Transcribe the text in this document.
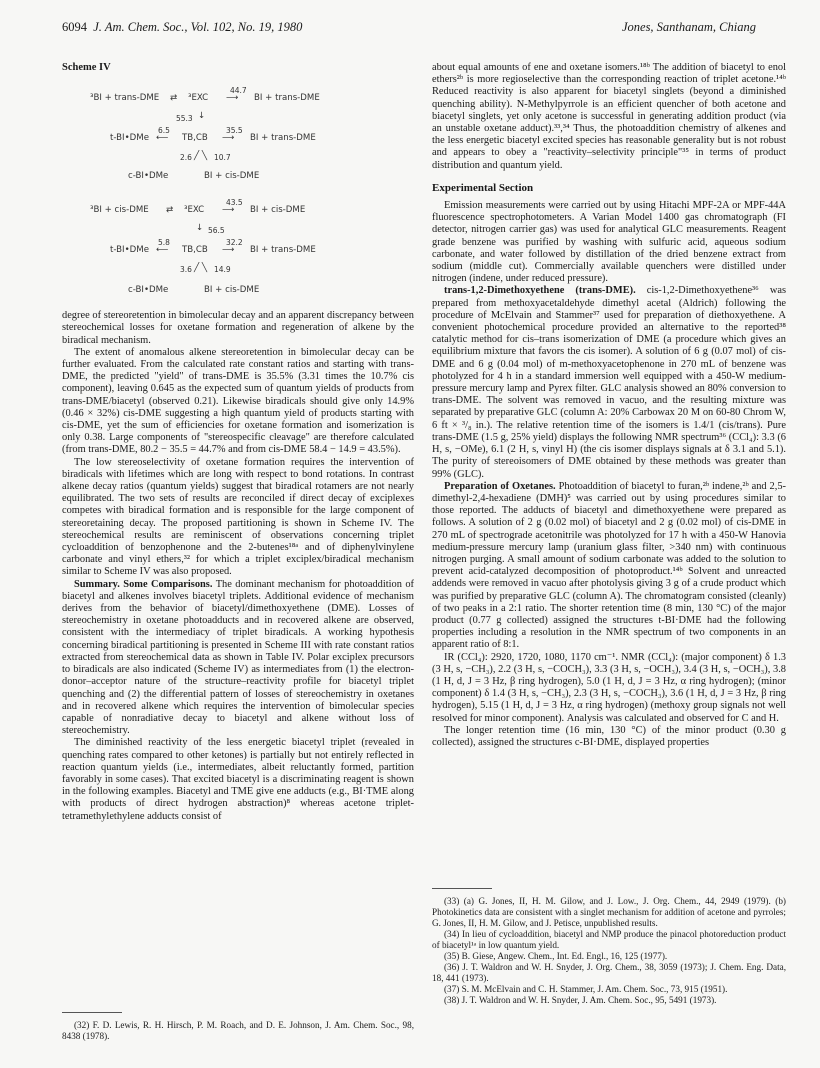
6094 J. Am. Chem. Soc., Vol. 102, No. 19, 1980	Jones, Santhanam, Chiang

Scheme IV

³BI + trans-DME ⇄ ³EXC
44.7
⟶ BI + trans-DME
55.3 ↓
t-BI•DMe
6.5
⟵ TB,CB
35.5
⟶ BI + trans-DME
2.6 ╱ ╲ 10.7
c-BI•DMe	BI + cis-DME
³BI + cis-DME ⇄ ³EXC
43.5
⟶ BI + cis-DME
↓ 56.5
t-BI•DMe
5.8
⟵ TB,CB
32.2
⟶ BI + trans-DME
3.6 ╱ ╲ 14.9
c-BI•DMe	BI + cis-DME

degree of stereoretention in bimolecular decay and an apparent discrepancy between stereochemical losses for oxetane formation and regeneration of alkene by the biradical mechanism.

The extent of anomalous alkene stereoretention in bimolecular decay can be further evaluated. From the calculated rate constant ratios and starting with trans-DME, the predicted "yield" of trans-DME is 35.5% (3.31 times the 10.7% cis component), leaving 0.645 as the expected sum of quantum yields of products from trans-DME/biacetyl (observed 0.21). Likewise biradicals should give only 14.9% (0.46 × 32%) cis-DME suggesting a high quantum yield of products starting with cis-DME, yet the sum of efficiencies for oxetane formation and isomerization is only 0.38. Large components of "stereospecific cleavage" are therefore calculated (from trans-DME, 80.2 − 35.5 = 44.7% and from cis-DME 58.4 − 14.9 = 43.5%).

The low stereoselectivity of oxetane formation requires the intervention of biradicals with lifetimes which are long with respect to bond rotations. In contrast alkene decay ratios (quantum yields) suggest that biradical rotamers are not nearly equilibrated. The two sets of results are reconciled if direct decay of exciplexes competes with biradical formation and is responsible for the large component of stereoretaining decay. The proposed partitioning is shown in Scheme IV. The stereochemical results are reminiscent of observations concerning triplet cycloaddition of benzophenone and the 2-butenes¹⁸ᵃ and of diphenylvinylene carbonate and vinyl ethers,³² for which a triplet exciplex/biradical mechanism similar to Scheme IV was also proposed.

Summary. Some Comparisons. The dominant mechanism for photoaddition of biacetyl and alkenes involves biacetyl triplets. Additional evidence of mechanism derives from the behavior of biacetyl/dimethoxyethene (DME). Losses of stereochemistry in oxetane photoadducts and in recovered alkene are observed, consistent with the intermediacy of triplet biradicals. A working hypothesis concerning biradical partitioning is presented in Scheme III with rate constant ratios extracted from stereochemical data as shown in Table IV. Polar exciplex precursors to biradicals are also indicated (Scheme IV) as intermediates from (1) the electron-donor–acceptor nature of the structure–reactivity profile for biacetyl triplet quenching and (2) the differential pattern of losses of stereochemistry in oxetanes and in recovered alkene which requires the intervention of bimolecular species capable of nonradiative decay to biacetyl and alkene without loss of stereochemistry.

The diminished reactivity of the less energetic biacetyl triplet (revealed in quenching rates compared to other ketones) is partially but not entirely reflected in reaction quantum yields (i.e., intermediates, albeit reluctantly formed, partition favorably in some cases). That excited biacetyl is a discriminating reagent is shown in the following examples. Biacetyl and TME give ene adducts (e.g., BI·TME along with products of direct hydrogen abstraction)⁸ whereas acetone triplet-tetramethylethylene adducts consist of

(32) F. D. Lewis, R. H. Hirsch, P. M. Roach, and D. E. Johnson, J. Am. Chem. Soc., 98, 8438 (1978).

about equal amounts of ene and oxetane isomers.¹⁸ᵇ The addition of biacetyl to enol ethers²ᵇ is more regioselective than the corresponding reaction of triplet acetone.¹⁴ᵇ Reduced reactivity is also apparent for biacetyl singlets (beyond a diminished quenching ability). N-Methylpyrrole is an efficient quencher of both acetone and biacetyl singlets, yet only acetone is successful in generating addition product (via an unstable oxetane adduct).³³,³⁴ Thus, the photoaddition chemistry of alkenes and the less energetic biacetyl excited species has reasonable generality but is not robust and appears to obey a "reactivity–selectivity principle"³⁵ in terms of product distribution and quantum yield.

Experimental Section

Emission measurements were carried out by using Hitachi MPF-2A or MPF-44A fluorescence spectrophotometers. A Varian Model 1400 gas chromatograph (FI detector, nitrogen carrier gas) was used for analytical GLC measurements. Reagent grade benzene was purified by washing with sulfuric acid, aqueous sodium carbonate, and water followed by distillation of the dried benzene extract from sodium (middle cut). Commercially available quenchers were distilled under nitrogen (indene, under reduced pressure).

trans-1,2-Dimethoxyethene (trans-DME). cis-1,2-Dimethoxyethene³⁶ was prepared from methoxyacetaldehyde dimethyl acetal (Aldrich) following the procedure of McElvain and Stammer³⁷ used for preparation of diethoxyethene. A convenient photochemical procedure provided an alternative to the reported³⁸ catalytic method for cis–trans isomerization of DME (a procedure which gives an equilibrium mixture that favors the cis isomer). A solution of 6 g (0.07 mol) of cis-DME and 6 g (0.04 mol) of m-methoxyacetophenone in 270 mL of benzene was photolyzed for 4 h in a standard immersion well equipped with a 450-W medium-pressure mercury lamp and Pyrex filter. GLC analysis showed an 80% conversion to trans-DME. The solvent was removed in vacuo, and the resulting mixture was separated by preparative GLC (column A: 20% Carbowax 20 M on 60-80 Chrom W, 6 ft × ³/₈ in.). The relative retention time of the isomers is 1.4/1 (cis/trans). Pure trans-DME (1.5 g, 25% yield) displays the following NMR spectrum³⁶ (CCl₄): 3.3 (6 H, s, −OMe), 6.1 (2 H, s, vinyl H) (the cis isomer displays signals at δ 3.1 and 5.1). The purity of stereoisomers of DME obtained by these methods was greater than 99% (GLC).

Preparation of Oxetanes. Photoaddition of biacetyl to furan,²ᵇ indene,²ᵇ and 2,5-dimethyl-2,4-hexadiene (DMH)⁵ was carried out by using procedures similar to those reported. The adducts of biacetyl and dimethoxyethene were prepared as follows. A solution of 2 g (0.02 mol) of biacetyl and 2 g (0.02 mol) of cis-DME in 270 mL of spectrograde acetonitrile was photolyzed for 17 h with a 450-W Hanovia medium-pressure mercury lamp (uranium glass filter, >340 nm) with continuous nitrogen purging. A small amount of sodium carbonate was added to the solution to prevent acid-catalyzed decomposition of photoproduct.¹⁴ᵇ Solvent and unreacted addends were removed in vacuo after photolysis giving 3 g of a crude product which was purified by preparative GLC (column A). The chromatogram consisted (cleanly) of two peaks in a 2:1 ratio. The shorter retention time (8 min, 130 °C) of the major product (0.77 g collected) assigned the structures t-BI·DME had the following properties including a resolution in the NMR spectrum of two components in an apparent ratio of 8:1.

IR (CCl₄): 2920, 1720, 1080, 1170 cm⁻¹. NMR (CCl₄): (major component) δ 1.3 (3 H, s, −CH₃), 2.2 (3 H, s, −COCH₃), 3.3 (3 H, s, −OCH₃), 3.4 (3 H, s, −OCH₃), 3.8 (1 H, d, J = 3 Hz, β ring hydrogen), 5.0 (1 H, d, J = 3 Hz, α ring hydrogen); (minor component) δ 1.4 (3 H, s, −CH₃), 2.3 (3 H, s, −COCH₃), 3.6 (1 H, d, J = 3 Hz, β ring hydrogen), 5.15 (1 H, d, J = 3 Hz, α ring hydrogen) (methoxy group signals not well resolved for minor component). Analysis was calculated and observed for C and H.

The longer retention time (16 min, 130 °C) of the minor product (0.30 g collected), assigned the structures c-BI·DME, displayed properties

(33) (a) G. Jones, II, H. M. Gilow, and J. Low., J. Org. Chem., 44, 2949 (1979). (b) Photokinetics data are consistent with a singlet mechanism for addition of acetone and pyrroles; G. Jones, II, H. M. Gilow, and J. Petisce, unpublished results.

(34) In lieu of cycloaddition, biacetyl and NMP produce the pinacol photoreduction product of biacetyl¹ᵃ in low quantum yield.

(35) B. Giese, Angew. Chem., Int. Ed. Engl., 16, 125 (1977).

(36) J. T. Waldron and W. H. Snyder, J. Org. Chem., 38, 3059 (1973); J. Chem. Eng. Data, 18, 441 (1973).

(37) S. M. McElvain and C. H. Stammer, J. Am. Chem. Soc., 73, 915 (1951).

(38) J. T. Waldron and W. H. Snyder, J. Am. Chem. Soc., 95, 5491 (1973).
